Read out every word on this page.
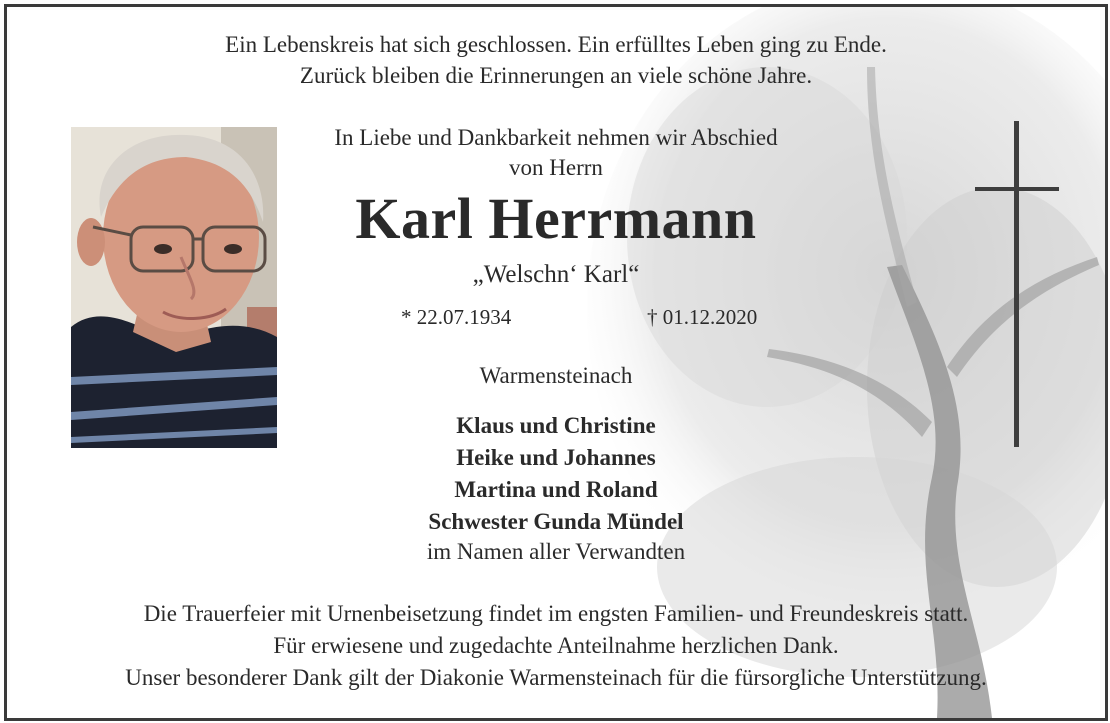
Ein Lebenskreis hat sich geschlossen. Ein erfülltes Leben ging zu Ende.
Zurück bleiben die Erinnerungen an viele schöne Jahre.
In Liebe und Dankbarkeit nehmen wir Abschied
von Herrn
Karl Herrmann
„Welschn‘ Karl“
* 22.07.1934	† 01.12.2020
Warmensteinach
Klaus und Christine
Heike und Johannes
Martina und Roland
Schwester Gunda Mündel
im Namen aller Verwandten
Die Trauerfeier mit Urnenbeisetzung findet im engsten Familien- und Freundeskreis statt.
Für erwiesene und zugedachte Anteilnahme herzlichen Dank.
Unser besonderer Dank gilt der Diakonie Warmensteinach für die fürsorgliche Unterstützung.
